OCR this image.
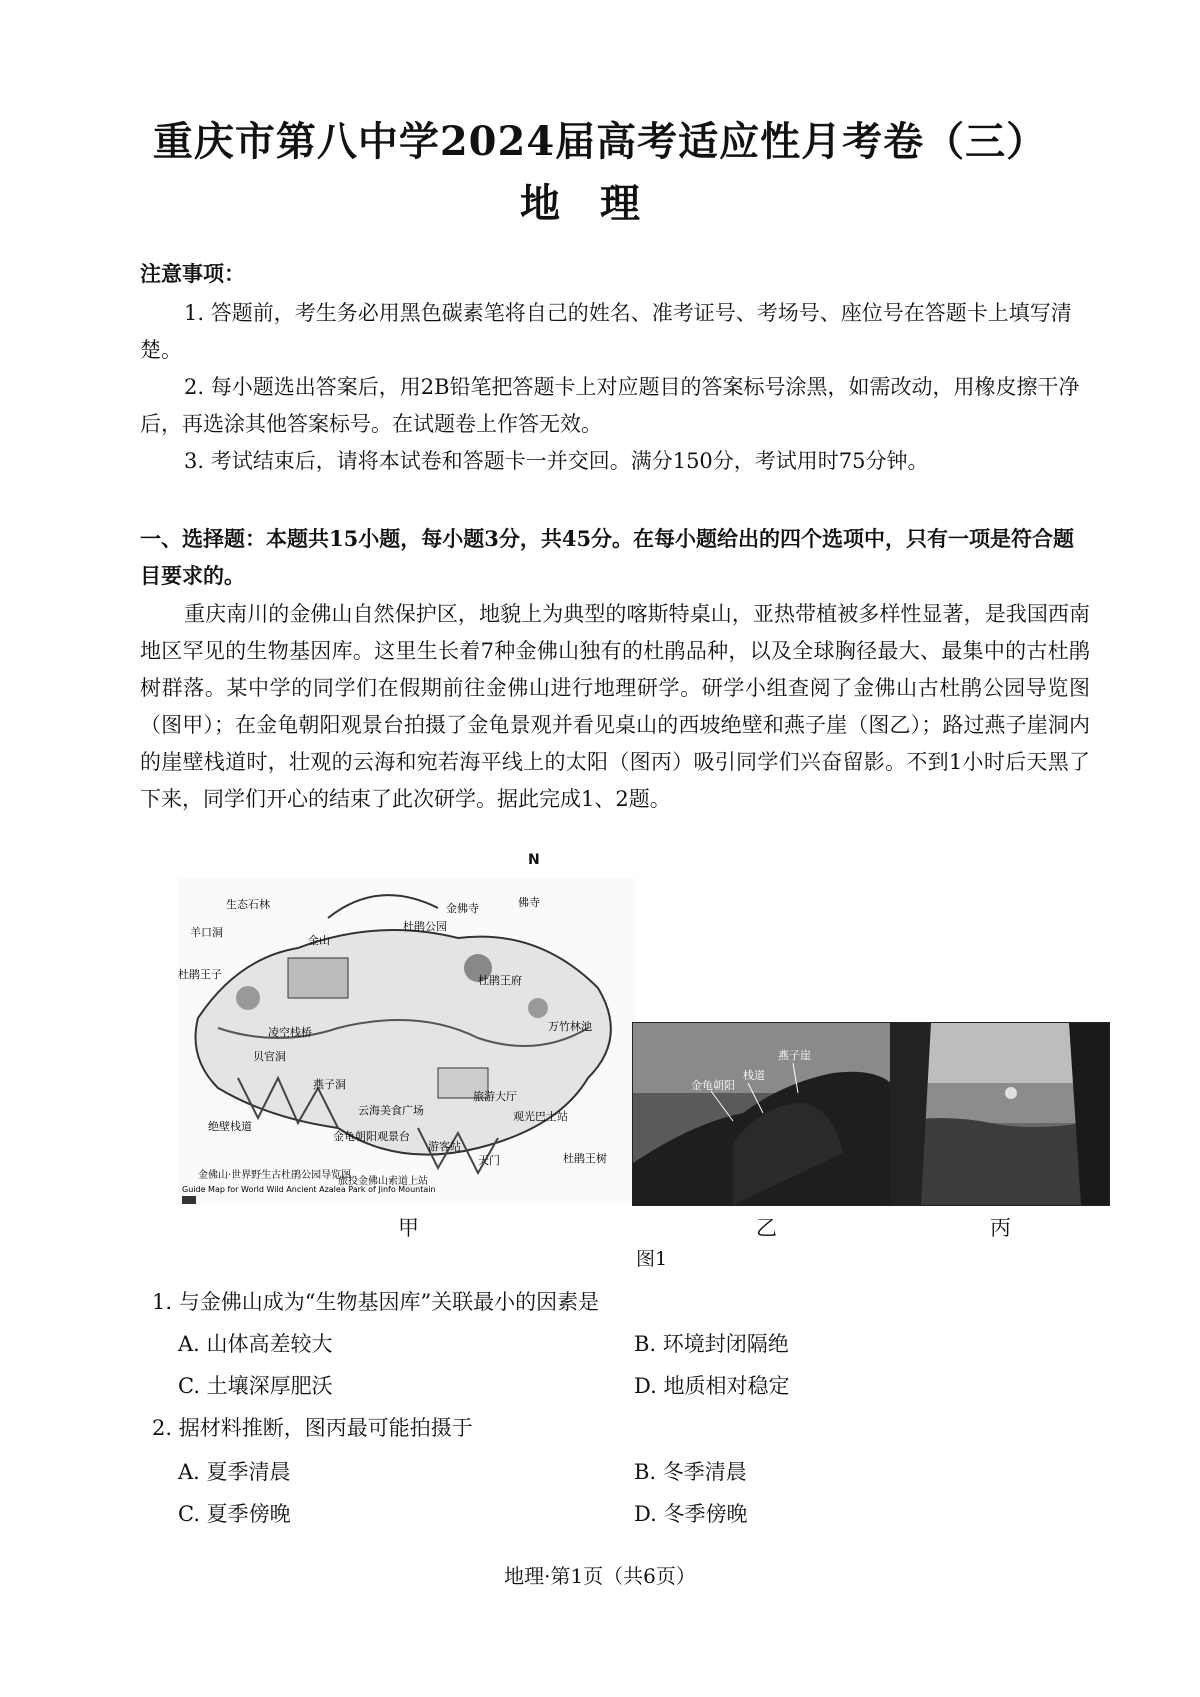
重庆市第八中学2024届高考适应性月考卷（三）
地理
注意事项：
1. 答题前，考生务必用黑色碳素笔将自己的姓名、准考证号、考场号、座位号在答题卡上填写清楚。
2. 每小题选出答案后，用2B铅笔把答题卡上对应题目的答案标号涂黑，如需改动，用橡皮擦干净后，再选涂其他答案标号。在试题卷上作答无效。
3. 考试结束后，请将本试卷和答题卡一并交回。满分150分，考试用时75分钟。
一、选择题：本题共15小题，每小题3分，共45分。在每小题给出的四个选项中，只有一项是符合题目要求的。
重庆南川的金佛山自然保护区，地貌上为典型的喀斯特桌山，亚热带植被多样性显著，是我国西南地区罕见的生物基因库。这里生长着7种金佛山独有的杜鹃品种，以及全球胸径最大、最集中的古杜鹃树群落。某中学的同学们在假期前往金佛山进行地理研学。研学小组查阅了金佛山古杜鹃公园导览图（图甲）；在金龟朝阳观景台拍摄了金龟景观并看见桌山的西坡绝壁和燕子崖（图乙）；路过燕子崖洞内的崖壁栈道时，壮观的云海和宛若海平线上的太阳（图丙）吸引同学们兴奋留影。不到1小时后天黑了下来，同学们开心的结束了此次研学。据此完成1、2题。
N
生态石林
羊口洞
杜鹃王子
金山
杜鹃公园
金佛寺	佛寺
凌空栈桥
杜鹃王府
万竹林池
贝官洞
燕子洞
云海美食广场
旅游大厅
金龟朝阳观景台
绝壁栈道
游客站
观光巴士站
天门	杜鹃王树
旅投金佛山索道上站
金佛山·世界野生古杜鹃公园导览图
Guide Map for World Wild Ancient Azalea Park of Jinfo Mountain
甲
燕子崖
栈道
金龟朝阳
乙	丙
图1
1. 与金佛山成为“生物基因库”关联最小的因素是
A. 山体高差较大	B. 环境封闭隔绝
C. 土壤深厚肥沃	D. 地质相对稳定
2. 据材料推断，图丙最可能拍摄于
A. 夏季清晨	B. 冬季清晨
C. 夏季傍晚	D. 冬季傍晚
地理·第1页（共6页）
